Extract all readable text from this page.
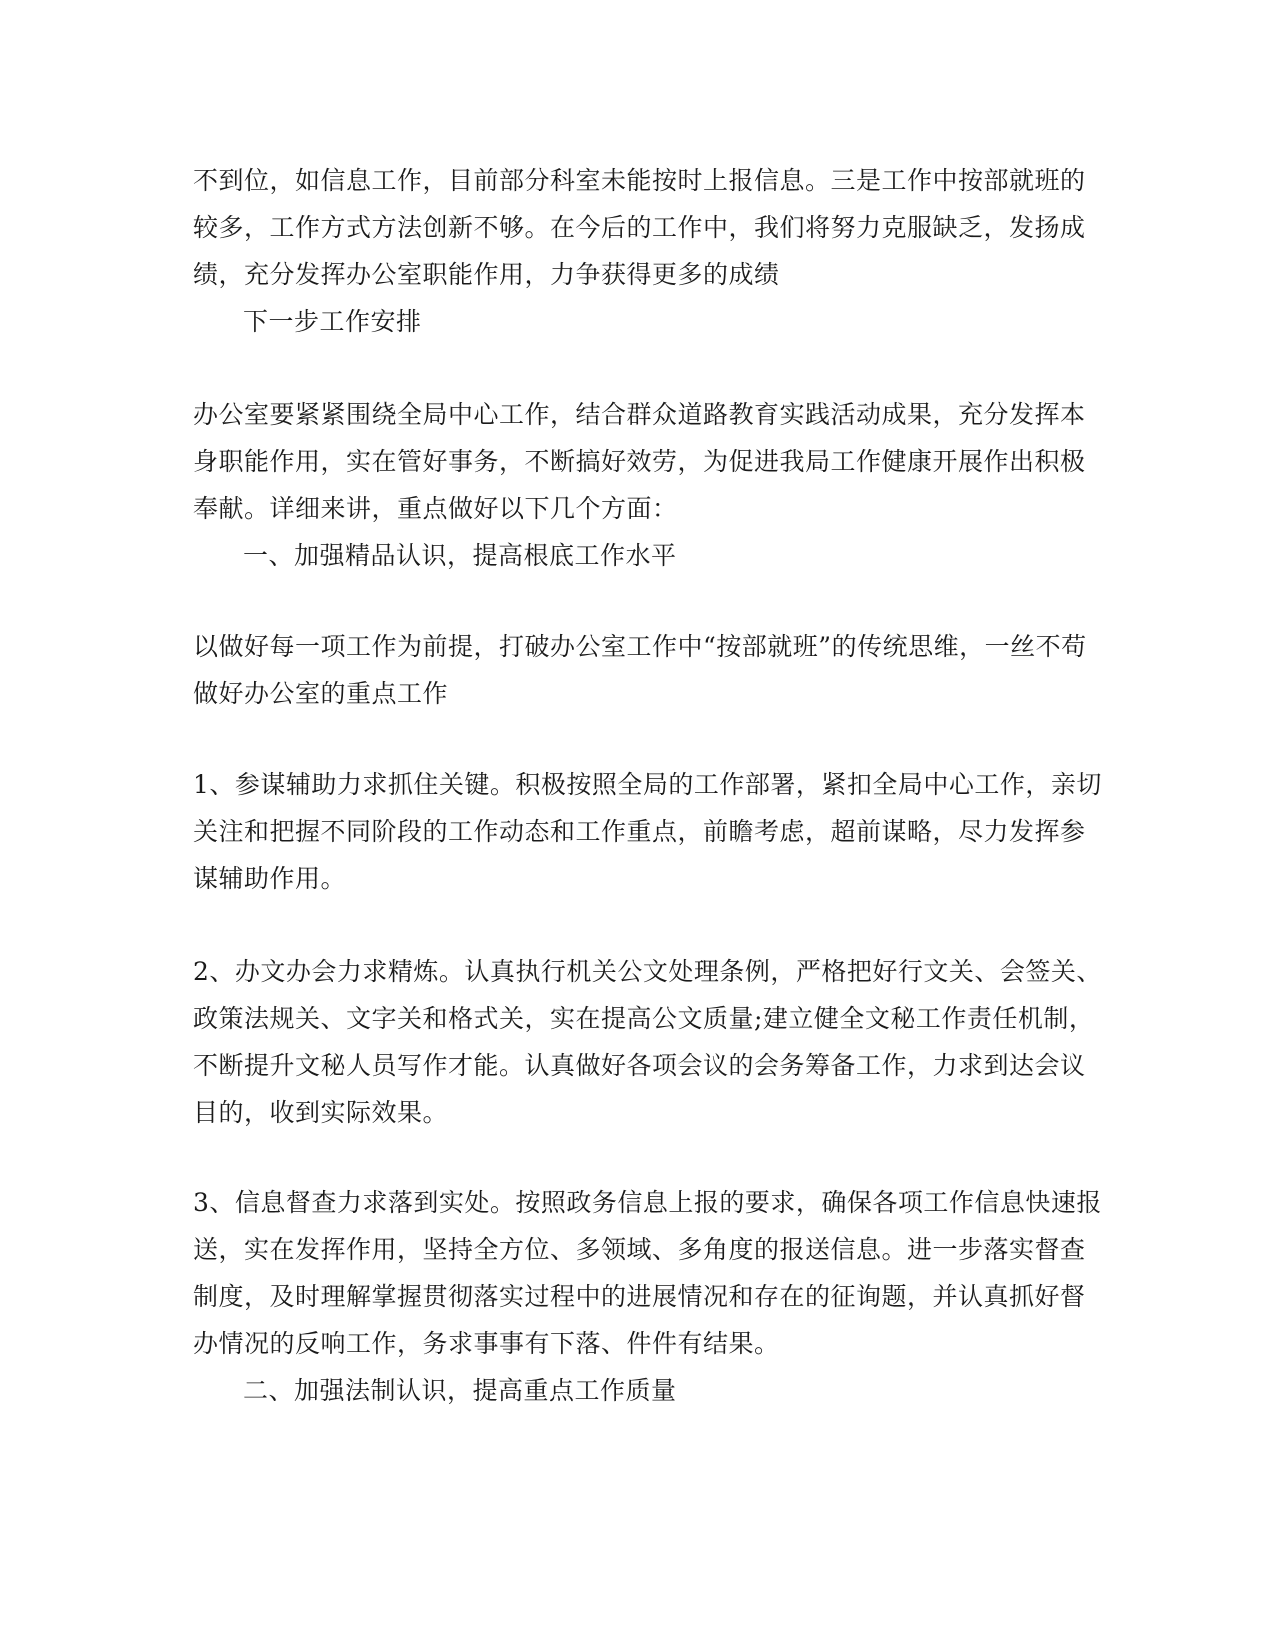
不到位，如信息工作，目前部分科室未能按时上报信息。三是工作中按部就班的
较多，工作方式方法创新不够。在今后的工作中，我们将努力克服缺乏，发扬成
绩，充分发挥办公室职能作用，力争获得更多的成绩
下一步工作安排
办公室要紧紧围绕全局中心工作，结合群众道路教育实践活动成果，充分发挥本
身职能作用，实在管好事务，不断搞好效劳，为促进我局工作健康开展作出积极
奉献。详细来讲，重点做好以下几个方面：
一、加强精品认识，提高根底工作水平
以做好每一项工作为前提，打破办公室工作中“按部就班”的传统思维，一丝不苟
做好办公室的重点工作
1、参谋辅助力求抓住关键。积极按照全局的工作部署，紧扣全局中心工作，亲切
关注和把握不同阶段的工作动态和工作重点，前瞻考虑，超前谋略，尽力发挥参
谋辅助作用。
2、办文办会力求精炼。认真执行机关公文处理条例，严格把好行文关、会签关、
政策法规关、文字关和格式关，实在提高公文质量;建立健全文秘工作责任机制，
不断提升文秘人员写作才能。认真做好各项会议的会务筹备工作，力求到达会议
目的，收到实际效果。
3、信息督查力求落到实处。按照政务信息上报的要求，确保各项工作信息快速报
送，实在发挥作用，坚持全方位、多领域、多角度的报送信息。进一步落实督查
制度，及时理解掌握贯彻落实过程中的进展情况和存在的征询题，并认真抓好督
办情况的反响工作，务求事事有下落、件件有结果。
二、加强法制认识，提高重点工作质量
